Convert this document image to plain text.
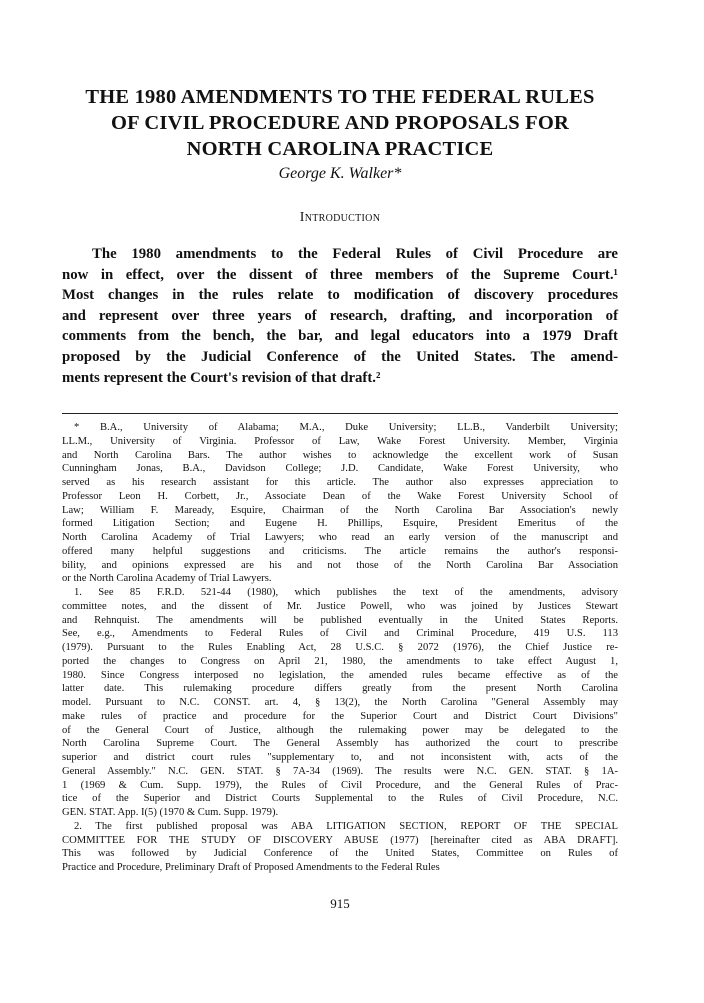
THE 1980 AMENDMENTS TO THE FEDERAL RULES
OF CIVIL PROCEDURE AND PROPOSALS FOR
NORTH CAROLINA PRACTICE
George K. Walker*
Introduction
The 1980 amendments to the Federal Rules of Civil Procedure are
now in effect, over the dissent of three members of the Supreme Court.¹
Most changes in the rules relate to modification of discovery procedures
and represent over three years of research, drafting, and incorporation of
comments from the bench, the bar, and legal educators into a 1979 Draft
proposed by the Judicial Conference of the United States. The amend-
ments represent the Court's revision of that draft.²
* B.A., University of Alabama; M.A., Duke University; LL.B., Vanderbilt University;
LL.M., University of Virginia. Professor of Law, Wake Forest University. Member, Virginia
and North Carolina Bars. The author wishes to acknowledge the excellent work of Susan
Cunningham Jonas, B.A., Davidson College; J.D. Candidate, Wake Forest University, who
served as his research assistant for this article. The author also expresses appreciation to
Professor Leon H. Corbett, Jr., Associate Dean of the Wake Forest University School of
Law; William F. Maready, Esquire, Chairman of the North Carolina Bar Association's newly
formed Litigation Section; and Eugene H. Phillips, Esquire, President Emeritus of the
North Carolina Academy of Trial Lawyers; who read an early version of the manuscript and
offered many helpful suggestions and criticisms. The article remains the author's responsi-
bility, and opinions expressed are his and not those of the North Carolina Bar Association
or the North Carolina Academy of Trial Lawyers.
1. See 85 F.R.D. 521-44 (1980), which publishes the text of the amendments, advisory
committee notes, and the dissent of Mr. Justice Powell, who was joined by Justices Stewart
and Rehnquist. The amendments will be published eventually in the United States Reports.
See, e.g., Amendments to Federal Rules of Civil and Criminal Procedure, 419 U.S. 113
(1979). Pursuant to the Rules Enabling Act, 28 U.S.C. § 2072 (1976), the Chief Justice re-
ported the changes to Congress on April 21, 1980, the amendments to take effect August 1,
1980. Since Congress interposed no legislation, the amended rules became effective as of the
latter date. This rulemaking procedure differs greatly from the present North Carolina
model. Pursuant to N.C. CONST. art. 4, § 13(2), the North Carolina "General Assembly may
make rules of practice and procedure for the Superior Court and District Court Divisions"
of the General Court of Justice, although the rulemaking power may be delegated to the
North Carolina Supreme Court. The General Assembly has authorized the court to prescribe
superior and district court rules "supplementary to, and not inconsistent with, acts of the
General Assembly." N.C. GEN. STAT. § 7A-34 (1969). The results were N.C. GEN. STAT. § 1A-
1 (1969 & Cum. Supp. 1979), the Rules of Civil Procedure, and the General Rules of Prac-
tice of the Superior and District Courts Supplemental to the Rules of Civil Procedure, N.C.
GEN. STAT. App. I(5) (1970 & Cum. Supp. 1979).
2. The first published proposal was ABA LITIGATION SECTION, REPORT OF THE SPECIAL
COMMITTEE FOR THE STUDY OF DISCOVERY ABUSE (1977) [hereinafter cited as ABA DRAFT].
This was followed by Judicial Conference of the United States, Committee on Rules of
Practice and Procedure, Preliminary Draft of Proposed Amendments to the Federal Rules
915
